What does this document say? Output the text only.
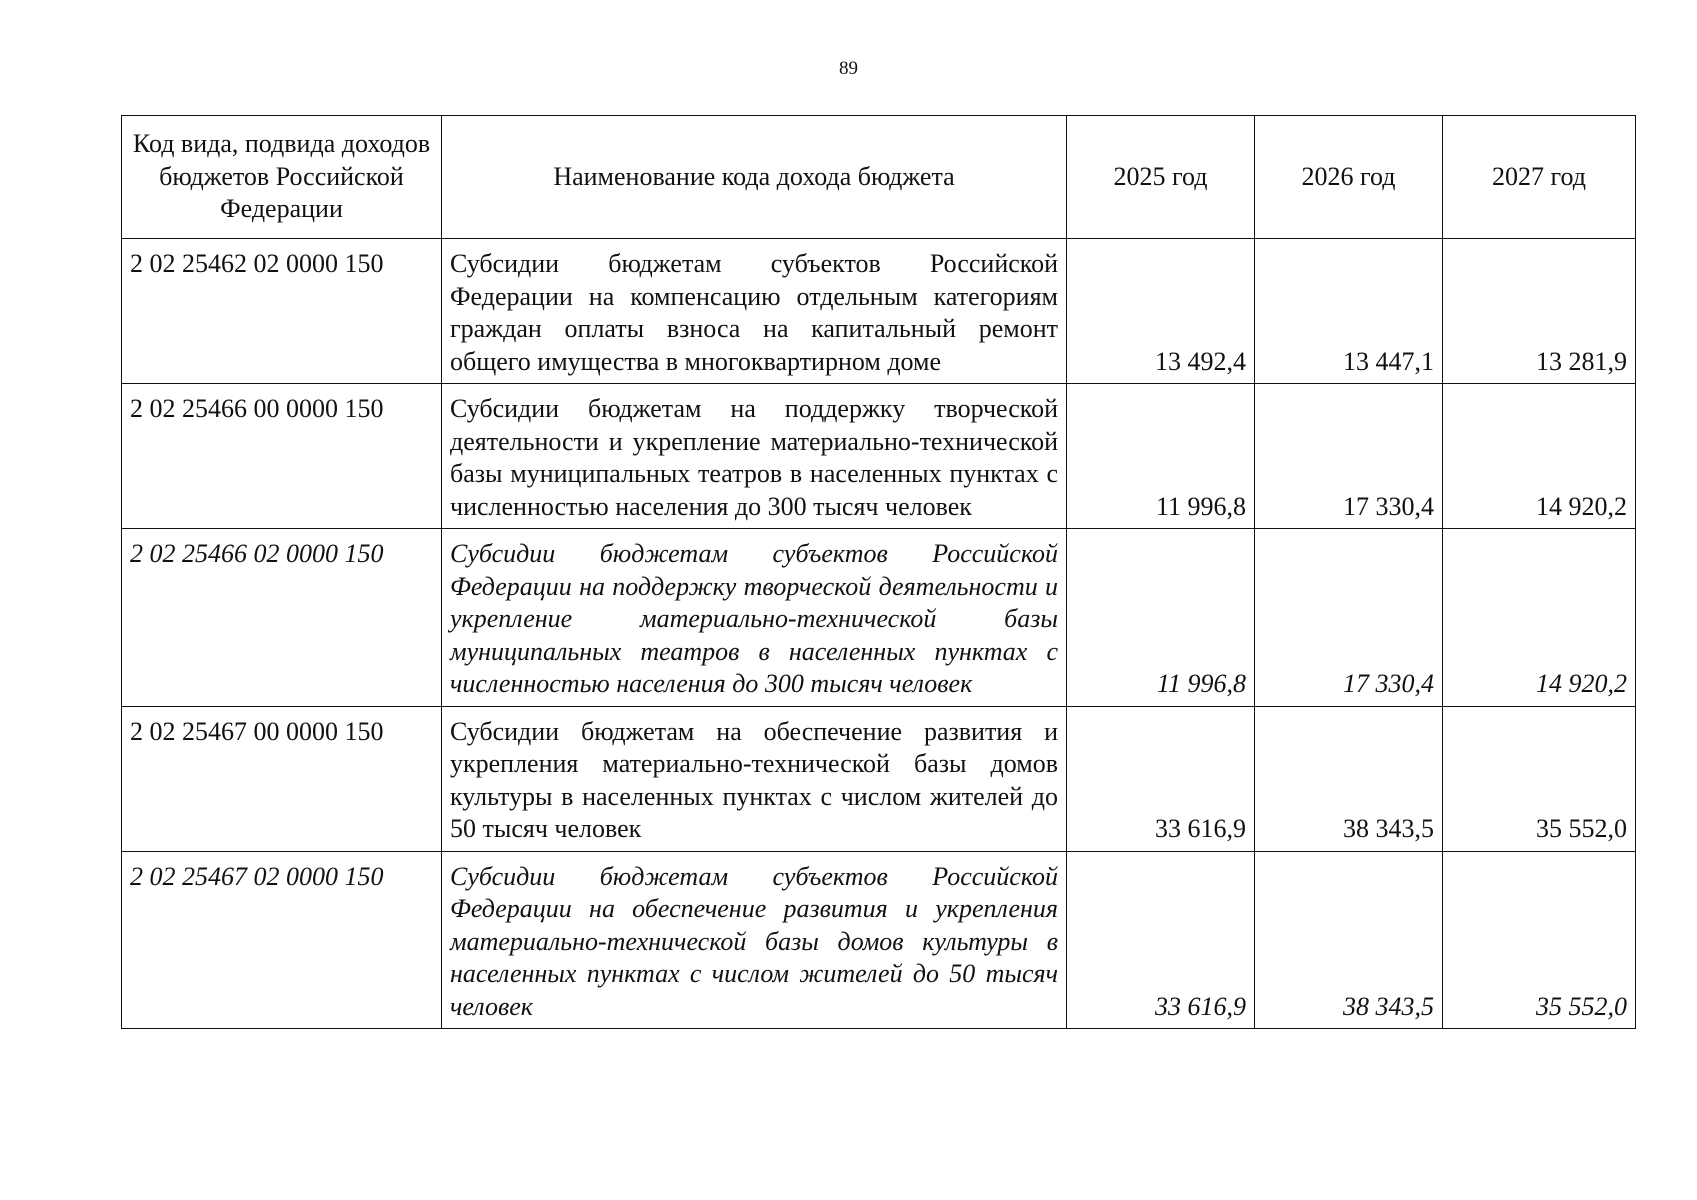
89
Код вида, подвида доходов бюджетов Российской Федерации	Наименование кода дохода бюджета	2025 год	2026 год	2027 год
2 02 25462 02 0000 150	Субсидии бюджетам субъектов Российской Федерации на компенсацию отдельным категориям граждан оплаты взноса на капитальный ремонт общего имущества в многоквартирном доме	13 492,4	13 447,1	13 281,9
2 02 25466 00 0000 150	Субсидии бюджетам на поддержку творческой деятельности и укрепление материально-технической базы муниципальных театров в населенных пунктах с численностью населения до 300 тысяч человек	11 996,8	17 330,4	14 920,2
2 02 25466 02 0000 150	Субсидии бюджетам субъектов Российской Федерации на поддержку творческой деятельности и укрепление материально-технической базы муниципальных театров в населенных пунктах с численностью населения до 300 тысяч человек	11 996,8	17 330,4	14 920,2
2 02 25467 00 0000 150	Субсидии бюджетам на обеспечение развития и укрепления материально-технической базы домов культуры в населенных пунктах с числом жителей до 50 тысяч человек	33 616,9	38 343,5	35 552,0
2 02 25467 02 0000 150	Субсидии бюджетам субъектов Российской Федерации на обеспечение развития и укрепления материально-технической базы домов культуры в населенных пунктах с числом жителей до 50 тысяч человек	33 616,9	38 343,5	35 552,0
